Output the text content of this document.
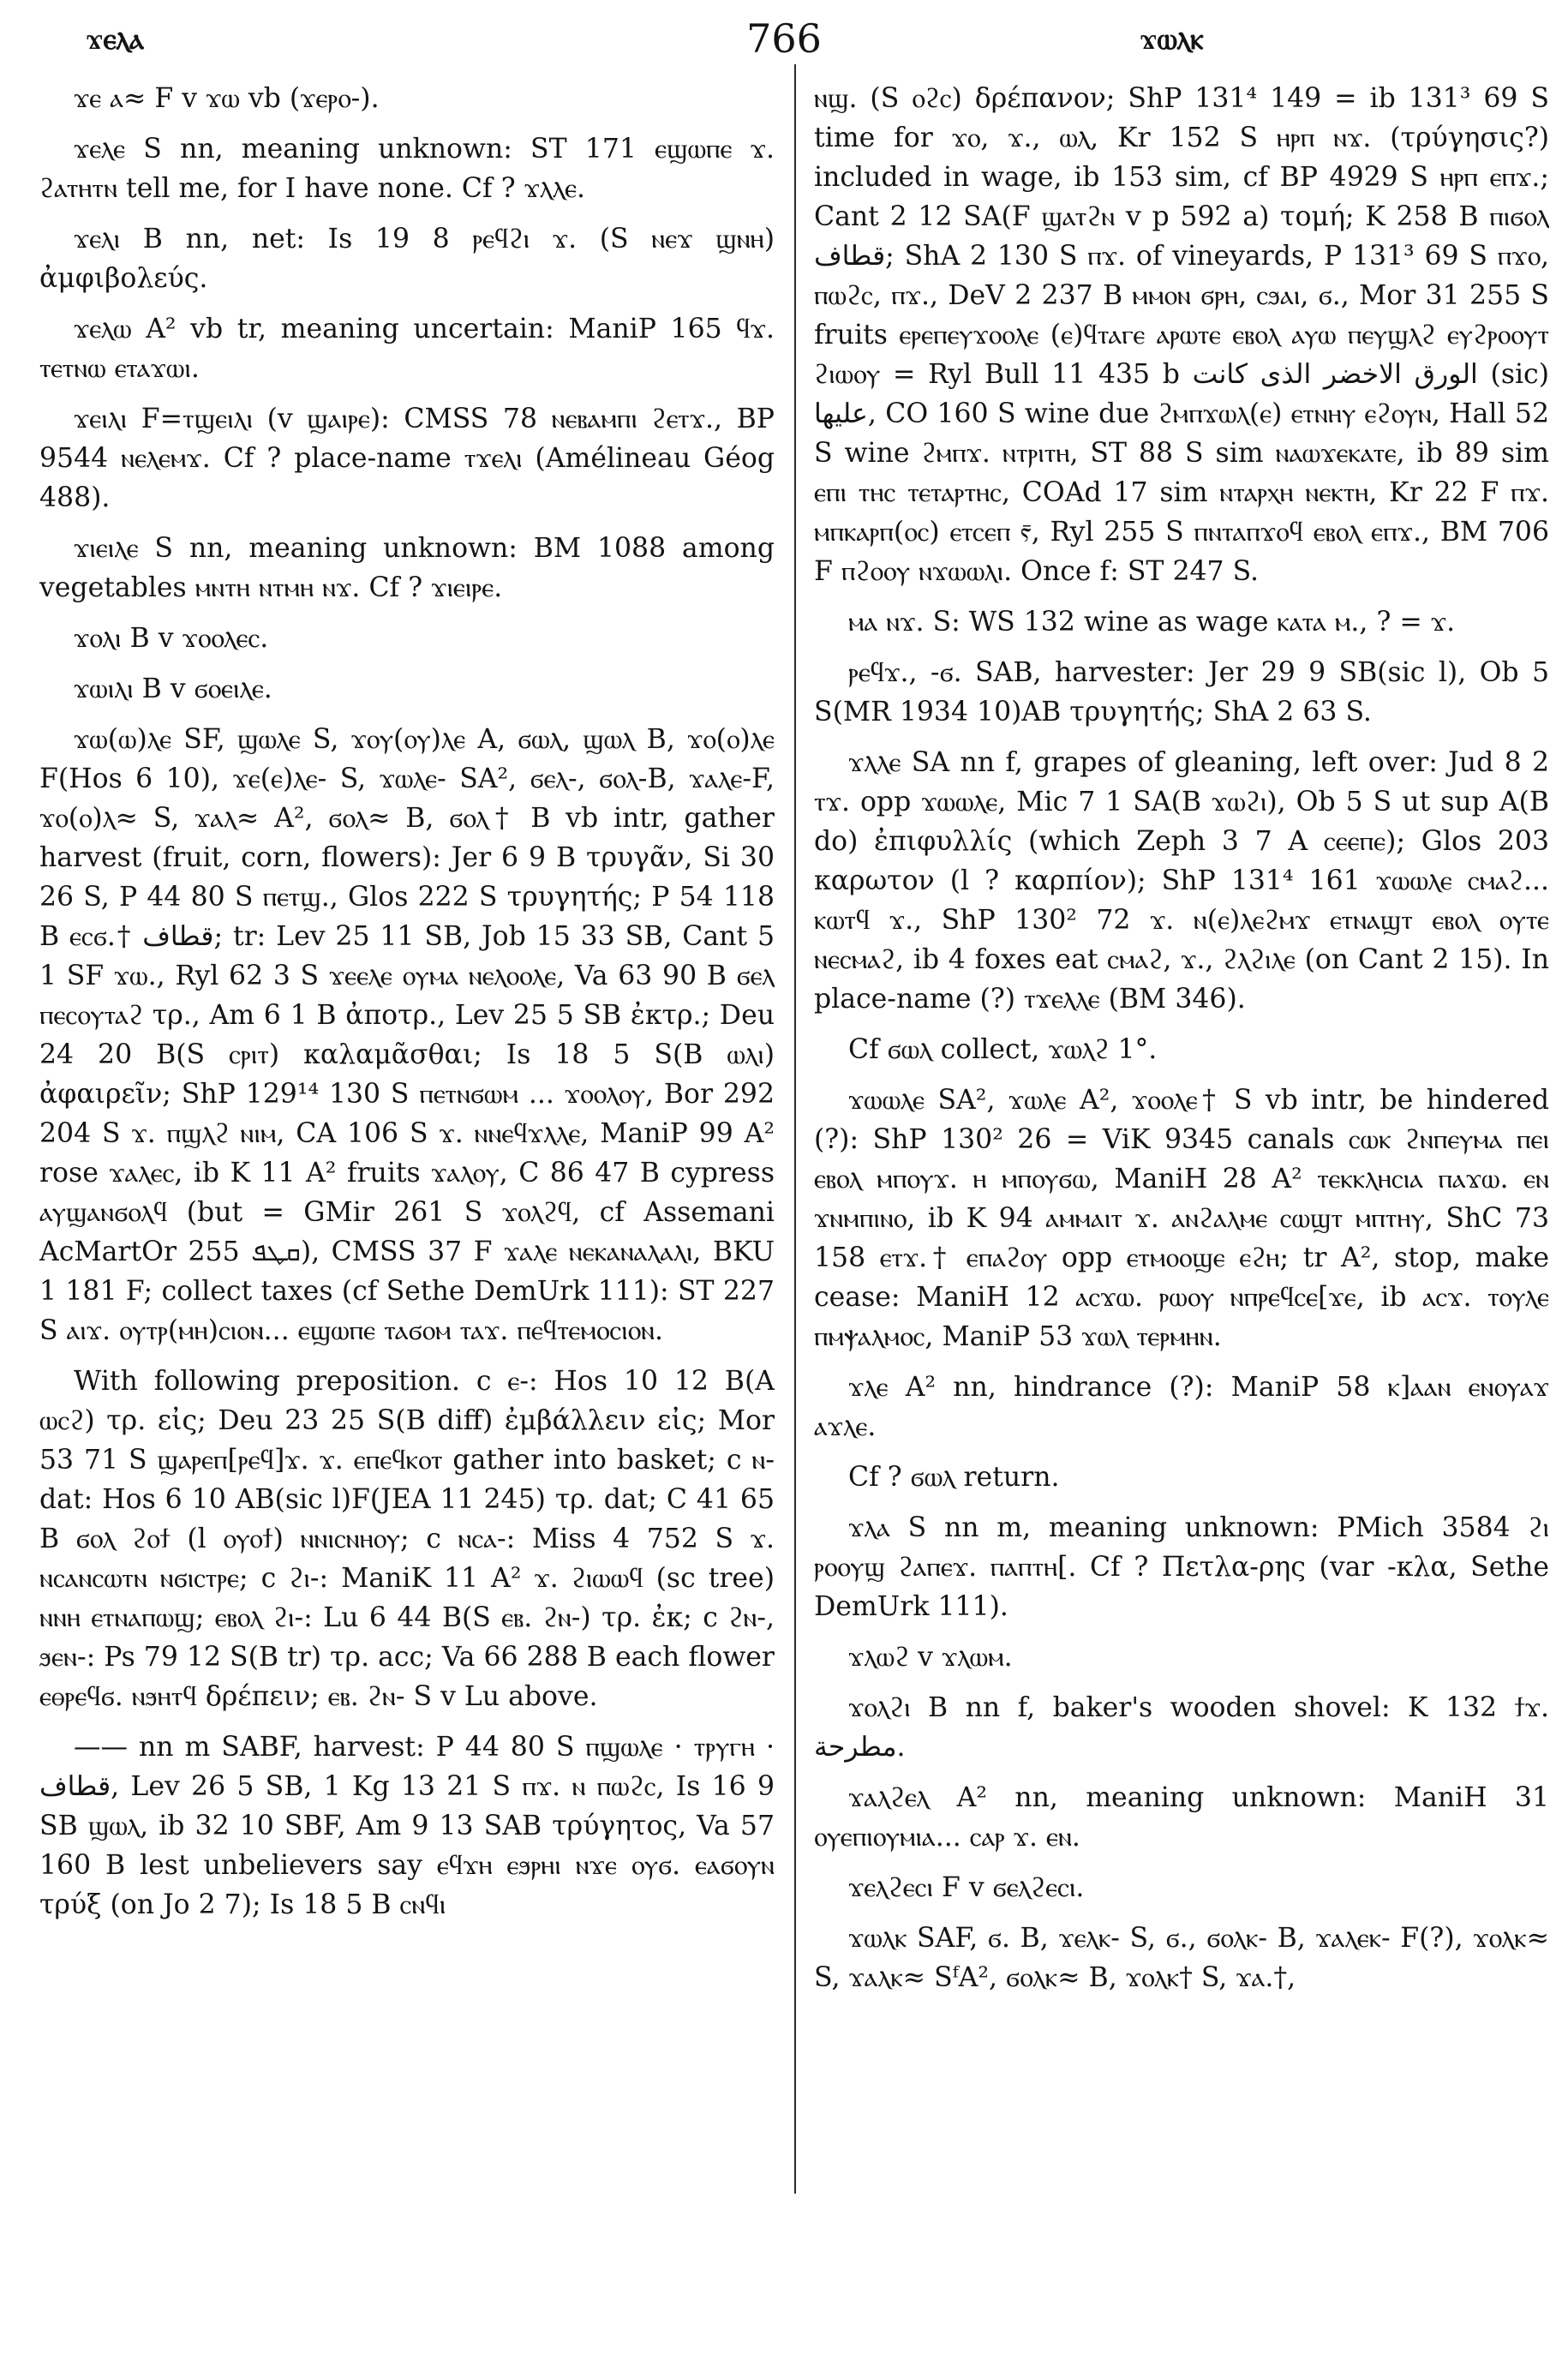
ϫⲉⲗⲁ	766	ϫⲱⲗⲕ

ϫⲉ ⲁ≈ F v ϫⲱ vb (ϫⲉⲣⲟ-).

ϫⲉⲗⲉ S nn, meaning unknown: ST 171 ⲉϣⲱⲡⲉ ϫ. ϩⲁⲧⲏⲧⲛ tell me, for I have none. Cf ? ϫⲗⲗⲉ.

ϫⲉⲗⲓ B nn, net: Is 19 8 ⲣⲉϥϩⲓ ϫ. (S ⲛⲉϫ ϣⲛⲏ) ἀμφιβολεύς.

ϫⲉⲗⲱ A² vb tr, meaning uncertain: ManiP 165 ϥϫ. ⲧⲉⲧⲛⲱ ⲉⲧⲁϫⲱⲓ.

ϫⲉⲓⲗⲓ F=ⲧϣⲉⲓⲗⲓ (v ϣⲁⲓⲣⲉ): CMSS 78 ⲛⲉⲃⲁⲙⲡⲓ ϩⲉⲧϫ., BP 9544 ⲛⲉⲗⲉⲙϫ. Cf ? place-name ⲧϫⲉⲗⲓ (Amélineau Géog 488).

ϫⲓⲉⲓⲗⲉ S nn, meaning unknown: BM 1088 among vegetables ⲙⲛⲧⲏ ⲛⲧⲙⲏ ⲛϫ. Cf ? ϫⲓⲉⲓⲣⲉ.

ϫⲟⲗⲓ B v ϫⲟⲟⲗⲉⲥ.

ϫⲱⲓⲗⲓ B v ϭⲟⲉⲓⲗⲉ.

ϫⲱ(ⲱ)ⲗⲉ SF, ϣⲱⲗⲉ S, ϫⲟⲩ(ⲟⲩ)ⲗⲉ A, ϭⲱⲗ, ϣⲱⲗ B, ϫⲟ(ⲟ)ⲗⲉ F(Hos 6 10), ϫⲉ(ⲉ)ⲗⲉ- S, ϫⲱⲗⲉ- SA², ϭⲉⲗ-, ϭⲟⲗ-B, ϫⲁⲗⲉ-F, ϫⲟ(ⲟ)ⲗ≈ S, ϫⲁⲗ≈ A², ϭⲟⲗ≈ B, ϭⲟⲗ† B vb intr, gather harvest (fruit, corn, flowers): Jer 6 9 B τρυγᾶν, Si 30 26 S, P 44 80 S ⲡⲉⲧϣ., Glos 222 S τρυγητής; P 54 118 B ⲉⲥϭ.† قطاف; tr: Lev 25 11 SB, Job 15 33 SB, Cant 5 1 SF ϫⲱ., Ryl 62 3 S ϫⲉⲉⲗⲉ ⲟⲩⲙⲁ ⲛⲉⲗⲟⲟⲗⲉ, Va 63 90 B ϭⲉⲗ ⲡⲉⲥⲟⲩⲧⲁϩ τρ., Am 6 1 B ἀποτρ., Lev 25 5 SB ἐκτρ.; Deu 24 20 B(S ⲥⲣⲓⲧ) καλαμᾶσθαι; Is 18 5 S(B ⲱⲗⲓ) ἀφαιρεῖν; ShP 129¹⁴ 130 S ⲡⲉⲧⲛϭⲱⲙ ... ϫⲟⲟⲗⲟⲩ, Bor 292 204 S ϫ. ⲡϣⲗϩ ⲛⲓⲙ, CA 106 S ϫ. ⲛⲛⲉϥϫⲗⲗⲉ, ManiP 99 A² rose ϫⲁⲗⲉⲥ, ib K 11 A² fruits ϫⲁⲗⲟⲩ, C 86 47 B cypress ⲁⲩϣⲁⲛϭⲟⲗϥ (but = GMir 261 S ϫⲟⲗϩϥ, cf Assemani AcMartOr 255 ܩܛܦ), CMSS 37 F ϫⲁⲗⲉ ⲛⲉⲕⲁⲛⲁⲗⲁⲗⲓ, BKU 1 181 F; collect taxes (cf Sethe DemUrk 111): ST 227 S ⲁⲓϫ. ⲟⲩⲧⲣ(ⲙⲏ)ⲥⲓⲟⲛ... ⲉϣⲱⲡⲉ ⲧⲁϭⲟⲙ ⲧⲁϫ. ⲡⲉϥⲧⲉⲙⲟⲥⲓⲟⲛ.

With following preposition. c ⲉ-: Hos 10 12 B(A ⲱⲥϩ) τρ. εἰς; Deu 23 25 S(B diff) ἐμβάλλειν εἰς; Mor 53 71 S ϣⲁⲣⲉⲡ[ⲣⲉϥ]ϫ. ϫ. ⲉⲡⲉϥⲕⲟⲧ gather into basket; c ⲛ- dat: Hos 6 10 AB(sic l)F(JEA 11 245) τρ. dat; C 41 65 B ϭⲟⲗ ϩⲟϯ (l ⲟⲩⲟϯ) ⲛⲛⲓⲥⲛⲏⲟⲩ; c ⲛⲥⲁ-: Miss 4 752 S ϫ. ⲛⲥⲁⲛⲥⲱⲧⲛ ⲛϭⲓⲥⲧⲣⲉ; c ϩⲓ-: ManiK 11 A² ϫ. ϩⲓⲱⲱϥ (sc tree) ⲛⲛⲏ ⲉⲧⲛⲁⲡⲱϣ; ⲉⲃⲟⲗ ϩⲓ-: Lu 6 44 B(S ⲉⲃ. ϩⲛ-) τρ. ἐκ; c ϩⲛ-, ϧⲉⲛ-: Ps 79 12 S(B tr) τρ. acc; Va 66 288 B each flower ⲉⲑⲣⲉϥϭ. ⲛϧⲏⲧϥ δρέπειν; ⲉⲃ. ϩⲛ- S v Lu above.

—— nn m SABF, harvest: P 44 80 S ⲡϣⲱⲗⲉ · ⲧⲣⲩⲅⲏ · قطاف, Lev 26 5 SB, 1 Kg 13 21 S ⲡϫ. ⲛ ⲡⲱϩⲥ, Is 16 9 SB ϣⲱⲗ, ib 32 10 SBF, Am 9 13 SAB τρύγητος, Va 57 160 B lest unbelievers say ⲉϥϫⲏ ⲉϧⲣⲏⲓ ⲛϫⲉ ⲟⲩϭ. ⲉⲁϭⲟⲩⲛ τρύξ (on Jo 2 7); Is 18 5 B ⲥⲛϥⲓ

ⲛϣ. (S ⲟϩⲥ) δρέπανον; ShP 131⁴ 149 = ib 131³ 69 S time for ϫⲟ, ϫ., ⲱⲗ, Kr 152 S ⲏⲣⲡ ⲛϫ. (τρύγησις?) included in wage, ib 153 sim, cf BP 4929 S ⲏⲣⲡ ⲉⲡϫ.; Cant 2 12 SA(F ϣⲁⲧϩⲛ v p 592 a) τομή; K 258 B ⲡⲓϭⲟⲗ قطاف; ShA 2 130 S ⲡϫ. of vineyards, P 131³ 69 S ⲡϫⲟ, ⲡⲱϩⲥ, ⲡϫ., DeV 2 237 B ⲙⲙⲟⲛ ϭⲣⲏ, ⲥϧⲁⲓ, ϭ., Mor 31 255 S fruits ⲉⲣⲉⲡⲉⲩϫⲟⲟⲗⲉ (ⲉ)ϥⲧⲁⲅⲉ ⲁⲣⲱⲧⲉ ⲉⲃⲟⲗ ⲁⲩⲱ ⲡⲉⲩϣⲗϩ ⲉⲩϩⲣⲟⲟⲩⲧ ϩⲓⲱⲟⲩ = Ryl Bull 11 435 b الورق الاخضر الذى كانت (sic) عليها, CO 160 S wine due ϩⲙⲡϫⲱⲗ(ⲉ) ⲉⲧⲛⲏⲩ ⲉϩⲟⲩⲛ, Hall 52 S wine ϩⲙⲡϫ. ⲛⲧⲣⲓⲧⲏ, ST 88 S sim ⲛⲁⲱϫⲉⲕⲁⲧⲉ, ib 89 sim ⲉⲡⲓ ⲧⲏⲥ ⲧⲉⲧⲁⲣⲧⲏⲥ, COAd 17 sim ⲛⲧⲁⲣⲭⲏ ⲛⲉⲕⲧⲏ, Kr 22 F ⲡϫ. ⲙⲡⲕⲁⲣⲡ(ⲟⲥ) ⲉⲧⲥⲉⲡ ⲋ̄, Ryl 255 S ⲡⲛⲧⲁⲡϫⲟϥ ⲉⲃⲟⲗ ⲉⲡϫ., BM 706 F ⲡϩⲟⲟⲩ ⲛϫⲱⲱⲗⲓ. Once f: ST 247 S.

ⲙⲁ ⲛϫ. S: WS 132 wine as wage ⲕⲁⲧⲁ ⲙ., ? = ϫ.

ⲣⲉϥϫ., -ϭ. SAB, harvester: Jer 29 9 SB(sic l), Ob 5 S(MR 1934 10)AB τρυγητής; ShA 2 63 S.

ϫⲗⲗⲉ SA nn f, grapes of gleaning, left over: Jud 8 2 ⲧϫ. opp ϫⲱⲱⲗⲉ, Mic 7 1 SA(B ϫⲱϩⲓ), Ob 5 S ut sup A(B do) ἐπιφυλλίς (which Zeph 3 7 A ⲥⲉⲉⲡⲉ); Glos 203 καρωτον (l ? καρπίον); ShP 131⁴ 161 ϫⲱⲱⲗⲉ ⲥⲙⲁϩ... ⲕⲱⲧϥ ϫ., ShP 130² 72 ϫ. ⲛ(ⲉ)ⲗⲉϩⲙϫ ⲉⲧⲛⲁϣⲧ ⲉⲃⲟⲗ ⲟⲩⲧⲉ ⲛⲉⲥⲙⲁϩ, ib 4 foxes eat ⲥⲙⲁϩ, ϫ., ϩⲗϩⲓⲗⲉ (on Cant 2 15). In place-name (?) ⲧϫⲉⲗⲗⲉ (BM 346).

Cf ϭⲱⲗ collect, ϫⲱⲗϩ 1°.

ϫⲱⲱⲗⲉ SA², ϫⲱⲗⲉ A², ϫⲟⲟⲗⲉ† S vb intr, be hindered (?): ShP 130² 26 = ViK 9345 canals ⲥⲱⲕ ϩⲛⲡⲉⲩⲙⲁ ⲡⲉⲓ ⲉⲃⲟⲗ ⲙⲡⲟⲩϫ. ⲏ ⲙⲡⲟⲩϭⲱ, ManiH 28 A² ⲧⲉⲕⲕⲗⲏⲥⲓⲁ ⲡⲁϫⲱ. ⲉⲛ ϫⲛⲙⲡⲓⲛⲟ, ib K 94 ⲁⲙⲙⲁⲓⲧ ϫ. ⲁⲛϩⲁⲗⲙⲉ ⲥⲱϣⲧ ⲙⲡⲧⲏⲩ, ShC 73 158 ⲉⲧϫ.† ⲉⲡⲁϩⲟⲩ opp ⲉⲧⲙⲟⲟϣⲉ ⲉϩⲏ; tr A², stop, make cease: ManiH 12 ⲁⲥϫⲱ. ⲣⲱⲟⲩ ⲛⲡⲣⲉϥⲥⲉ[ϫⲉ, ib ⲁⲥϫ. ⲧⲟⲩⲗⲉ ⲡⲙⲯⲁⲗⲙⲟⲥ, ManiP 53 ϫⲱⲗ ⲧⲉⲣⲙⲏⲛ.

ϫⲗⲉ A² nn, hindrance (?): ManiP 58 ⲕ]ⲁⲁⲛ ⲉⲛⲟⲩⲁϫ ⲁϫⲗⲉ.

Cf ? ϭⲱⲗ return.

ϫⲗⲁ S nn m, meaning unknown: PMich 3584 ϩⲓ ⲣⲟⲟⲩϣ ϩⲁⲡⲉϫ. ⲡⲁⲡⲧⲏ[. Cf ? Πετλα-ρης (var -κλα, Sethe DemUrk 111).

ϫⲗⲱϩ v ϫⲗⲱⲙ.

ϫⲟⲗϩⲓ B nn f, baker's wooden shovel: K 132 ϯϫ. مطرحة.

ϫⲁⲗϩⲉⲗ A² nn, meaning unknown: ManiH 31 ⲟⲩⲉⲡⲓⲟⲩⲙⲓⲁ... ⲥⲁⲣ ϫ. ⲉⲛ.

ϫⲉⲗϩⲉⲥⲓ F v ϭⲉⲗϩⲉⲥⲓ.

ϫⲱⲗⲕ SAF, ϭ. B, ϫⲉⲗⲕ- S, ϭ., ϭⲟⲗⲕ- B, ϫⲁⲗⲉⲕ- F(?), ϫⲟⲗⲕ≈ S, ϫⲁⲗⲕ≈ SᶠA², ϭⲟⲗⲕ≈ B, ϫⲟⲗⲕ† S, ϫⲁ.†,
